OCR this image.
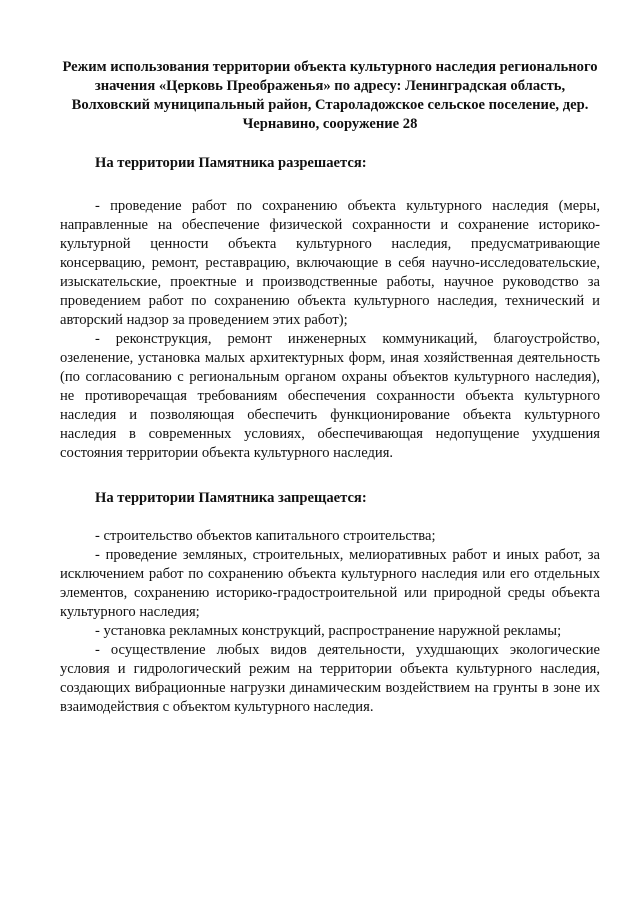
Режим использования территории объекта культурного наследия регионального значения «Церковь Преображенья» по адресу: Ленинградская область, Волховский муниципальный район, Староладожское сельское поселение, дер. Чернавино, сооружение 28

На территории Памятника разрешается:

- проведение работ по сохранению объекта культурного наследия (меры, направленные на обеспечение физической сохранности и сохранение историко-культурной ценности объекта культурного наследия, предусматривающие консервацию, ремонт, реставрацию, включающие в себя научно-исследовательские, изыскательские, проектные и производственные работы, научное руководство за проведением работ по сохранению объекта культурного наследия, технический и авторский надзор за проведением этих работ);

- реконструкция, ремонт инженерных коммуникаций, благоустройство, озеленение, установка малых архитектурных форм, иная хозяйственная деятельность (по согласованию с региональным органом охраны объектов культурного наследия), не противоречащая требованиям обеспечения сохранности объекта культурного наследия и позволяющая обеспечить функционирование объекта культурного наследия в современных условиях, обеспечивающая недопущение ухудшения состояния территории объекта культурного наследия.

На территории Памятника запрещается:

- строительство объектов капитального строительства;

- проведение земляных, строительных, мелиоративных работ и иных работ, за исключением работ по сохранению объекта культурного наследия или его отдельных элементов, сохранению историко-градостроительной или природной среды объекта культурного наследия;

- установка рекламных конструкций, распространение наружной рекламы;

- осуществление любых видов деятельности, ухудшающих экологические условия и гидрологический режим на территории объекта культурного наследия, создающих вибрационные нагрузки динамическим воздействием на грунты в зоне их взаимодействия с объектом культурного наследия.
